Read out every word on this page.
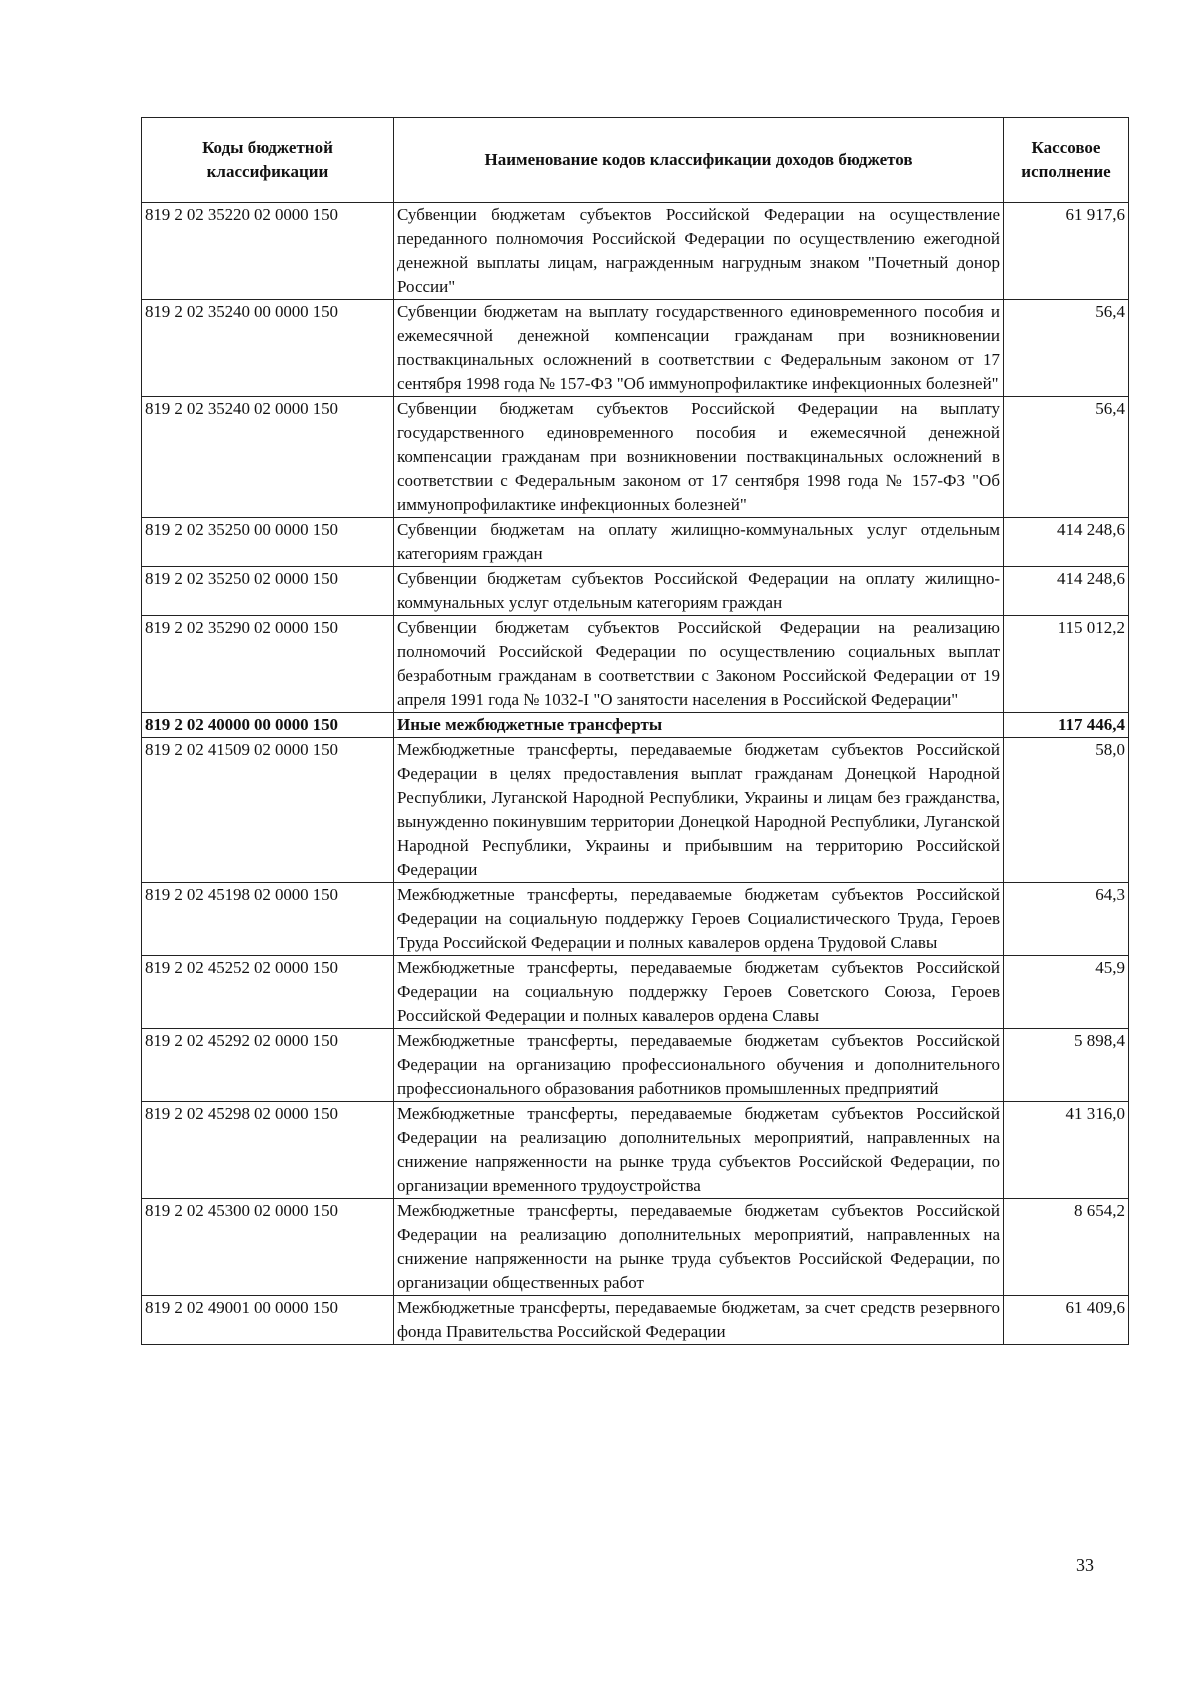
Коды бюджетной классификации	Наименование кодов классификации доходов бюджетов	Кассовое исполнение
819 2 02 35220 02 0000 150	Субвенции бюджетам субъектов Российской Федерации на осуществление переданного полномочия Российской Федерации по осуществлению ежегодной денежной выплаты лицам, награжденным нагрудным знаком "Почетный донор России"	61 917,6
819 2 02 35240 00 0000 150	Субвенции бюджетам на выплату государственного единовременного пособия и ежемесячной денежной компенсации гражданам при возникновении поствакцинальных осложнений в соответствии с Федеральным законом от 17 сентября 1998 года № 157-ФЗ "Об иммунопрофилактике инфекционных болезней"	56,4
819 2 02 35240 02 0000 150	Субвенции бюджетам субъектов Российской Федерации на выплату государственного единовременного пособия и ежемесячной денежной компенсации гражданам при возникновении поствакцинальных осложнений в соответствии с Федеральным законом от 17 сентября 1998 года № 157-ФЗ "Об иммунопрофилактике инфекционных болезней"	56,4
819 2 02 35250 00 0000 150	Субвенции бюджетам на оплату жилищно-коммунальных услуг отдельным категориям граждан	414 248,6
819 2 02 35250 02 0000 150	Субвенции бюджетам субъектов Российской Федерации на оплату жилищно-коммунальных услуг отдельным категориям граждан	414 248,6
819 2 02 35290 02 0000 150	Субвенции бюджетам субъектов Российской Федерации на реализацию полномочий Российской Федерации по осуществлению социальных выплат безработным гражданам в соответствии с Законом Российской Федерации от 19 апреля 1991 года № 1032-I "О занятости населения в Российской Федерации"	115 012,2
819 2 02 40000 00 0000 150	Иные межбюджетные трансферты	117 446,4
819 2 02 41509 02 0000 150	Межбюджетные трансферты, передаваемые бюджетам субъектов Российской Федерации в целях предоставления выплат гражданам Донецкой Народной Республики, Луганской Народной Республики, Украины и лицам без гражданства, вынужденно покинувшим территории Донецкой Народной Республики, Луганской Народной Республики, Украины и прибывшим на территорию Российской Федерации	58,0
819 2 02 45198 02 0000 150	Межбюджетные трансферты, передаваемые бюджетам субъектов Российской Федерации на социальную поддержку Героев Социалистического Труда, Героев Труда Российской Федерации и полных кавалеров ордена Трудовой Славы	64,3
819 2 02 45252 02 0000 150	Межбюджетные трансферты, передаваемые бюджетам субъектов Российской Федерации на социальную поддержку Героев Советского Союза, Героев Российской Федерации и полных кавалеров ордена Славы	45,9
819 2 02 45292 02 0000 150	Межбюджетные трансферты, передаваемые бюджетам субъектов Российской Федерации на организацию профессионального обучения и дополнительного профессионального образования работников промышленных предприятий	5 898,4
819 2 02 45298 02 0000 150	Межбюджетные трансферты, передаваемые бюджетам субъектов Российской Федерации на реализацию дополнительных мероприятий, направленных на снижение напряженности на рынке труда субъектов Российской Федерации, по организации временного трудоустройства	41 316,0
819 2 02 45300 02 0000 150	Межбюджетные трансферты, передаваемые бюджетам субъектов Российской Федерации на реализацию дополнительных мероприятий, направленных на снижение напряженности на рынке труда субъектов Российской Федерации, по организации общественных работ	8 654,2
819 2 02 49001 00 0000 150	Межбюджетные трансферты, передаваемые бюджетам, за счет средств резервного фонда Правительства Российской Федерации	61 409,6
33
